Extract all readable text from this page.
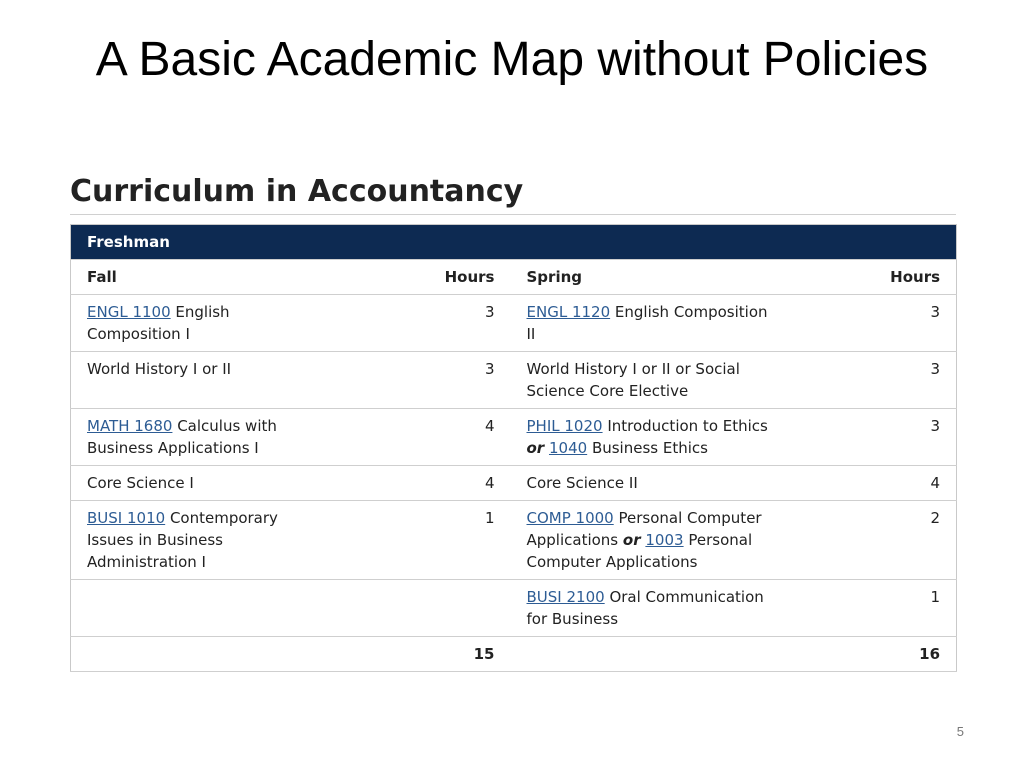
A Basic Academic Map without Policies
Curriculum in Accountancy
Freshman			
Fall	Hours	Spring	Hours
ENGL 1100 English Composition I	3	ENGL 1120 English Composition II	3
World History I or II	3	World History I or II or Social Science Core Elective	3
MATH 1680 Calculus with Business Applications I	4	PHIL 1020 Introduction to Ethics or 1040 Business Ethics	3
Core Science I	4	Core Science II	4
BUSI 1010 Contemporary Issues in Business Administration I	1	COMP 1000 Personal Computer Applications or 1003 Personal Computer Applications	2
		BUSI 2100 Oral Communication for Business	1
	15		16
5
